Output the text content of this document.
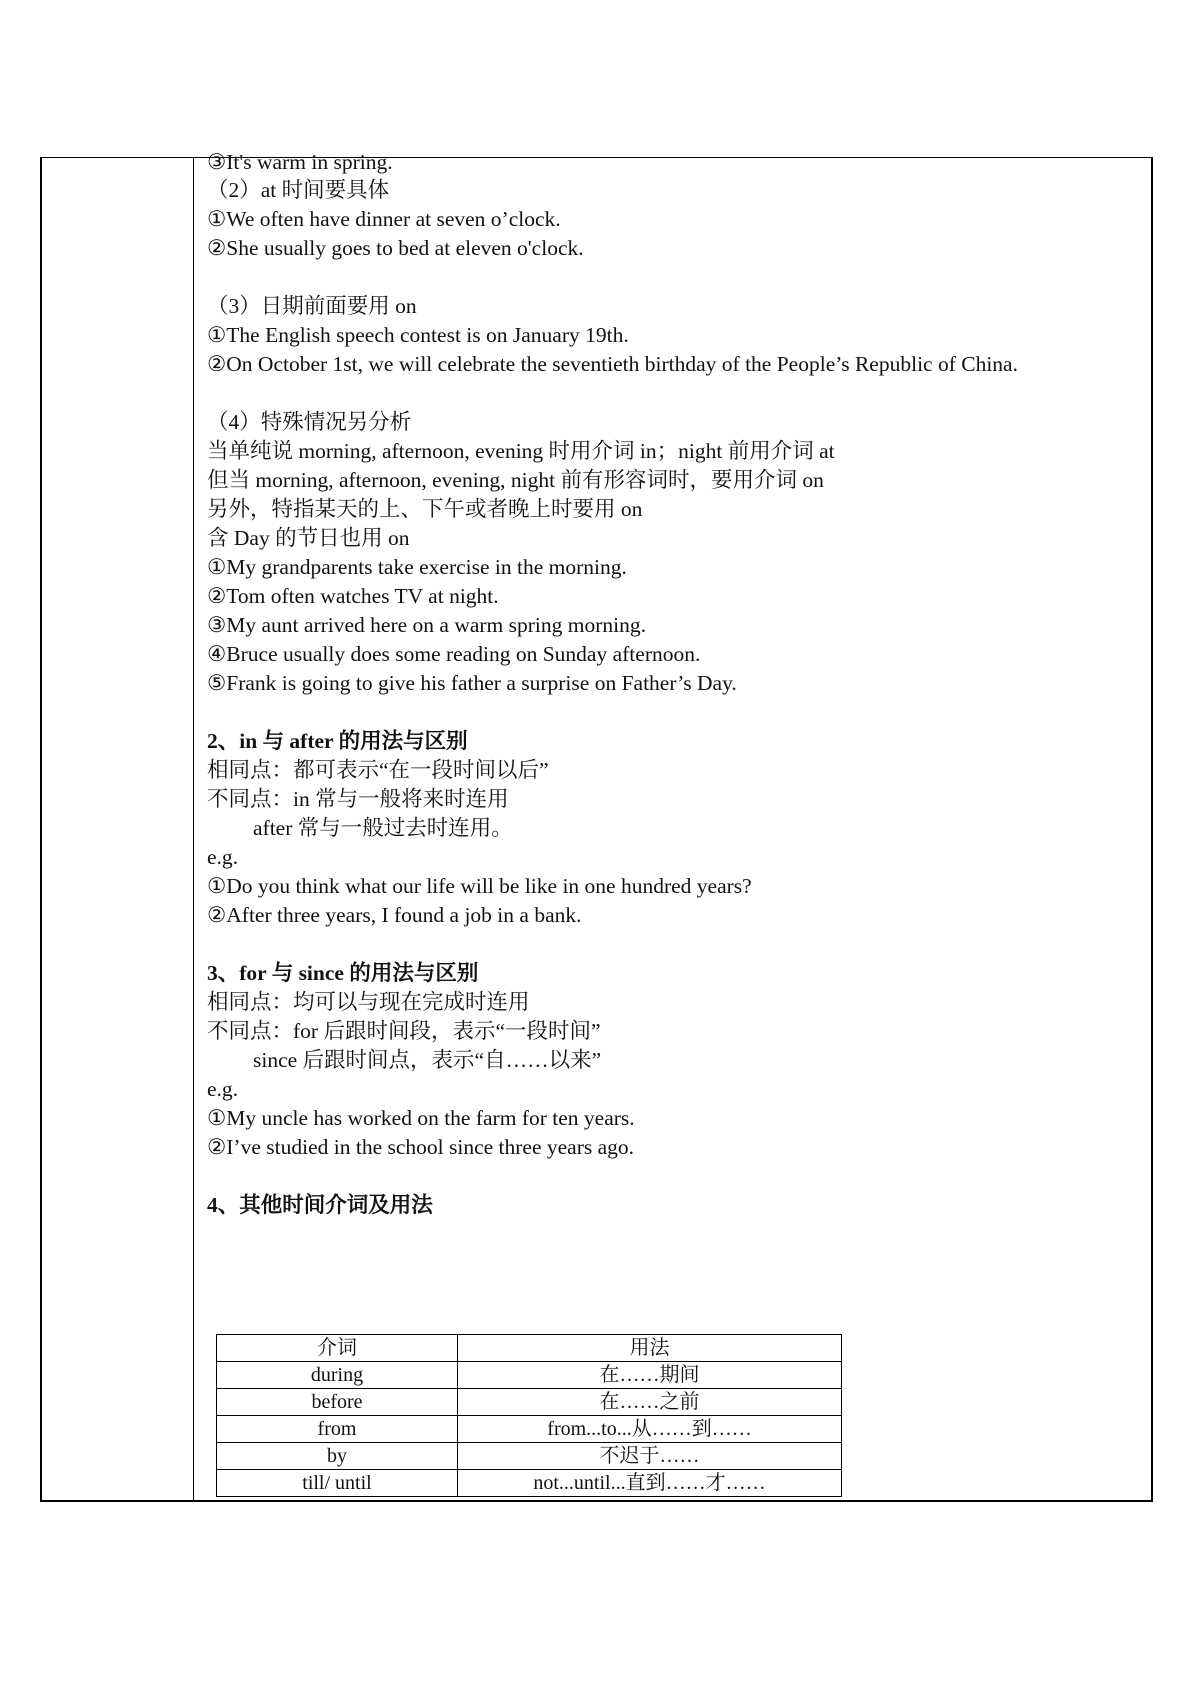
③It's warm in spring.
（2）at 时间要具体
①We often have dinner at seven o’clock.
②She usually goes to bed at eleven o'clock.
（3）日期前面要用 on
①The English speech contest is on January 19th.
②On October 1st, we will celebrate the seventieth birthday of the People’s Republic of China.
（4）特殊情况另分析
当单纯说 morning, afternoon, evening 时用介词 in；night 前用介词 at
但当 morning, afternoon, evening, night 前有形容词时，要用介词 on
另外，特指某天的上、下午或者晚上时要用 on
含 Day 的节日也用 on
①My grandparents take exercise in the morning.
②Tom often watches TV at night.
③My aunt arrived here on a warm spring morning.
④Bruce usually does some reading on Sunday afternoon.
⑤Frank is going to give his father a surprise on Father’s Day.
2、in 与 after 的用法与区别
相同点：都可表示“在一段时间以后”
不同点：in 常与一般将来时连用
after 常与一般过去时连用。
e.g.
①Do you think what our life will be like in one hundred years?
②After three years, I found a job in a bank.
3、for 与 since 的用法与区别
相同点：均可以与现在完成时连用
不同点：for 后跟时间段，表示“一段时间”
since 后跟时间点，表示“自……以来”
e.g.
①My uncle has worked on the farm for ten years.
②I’ve studied in the school since three years ago.
4、其他时间介词及用法
介词	用法
during	在……期间
before	在……之前
from	from...to...从……到……
by	不迟于……
till/ until	not...until...直到……才……
